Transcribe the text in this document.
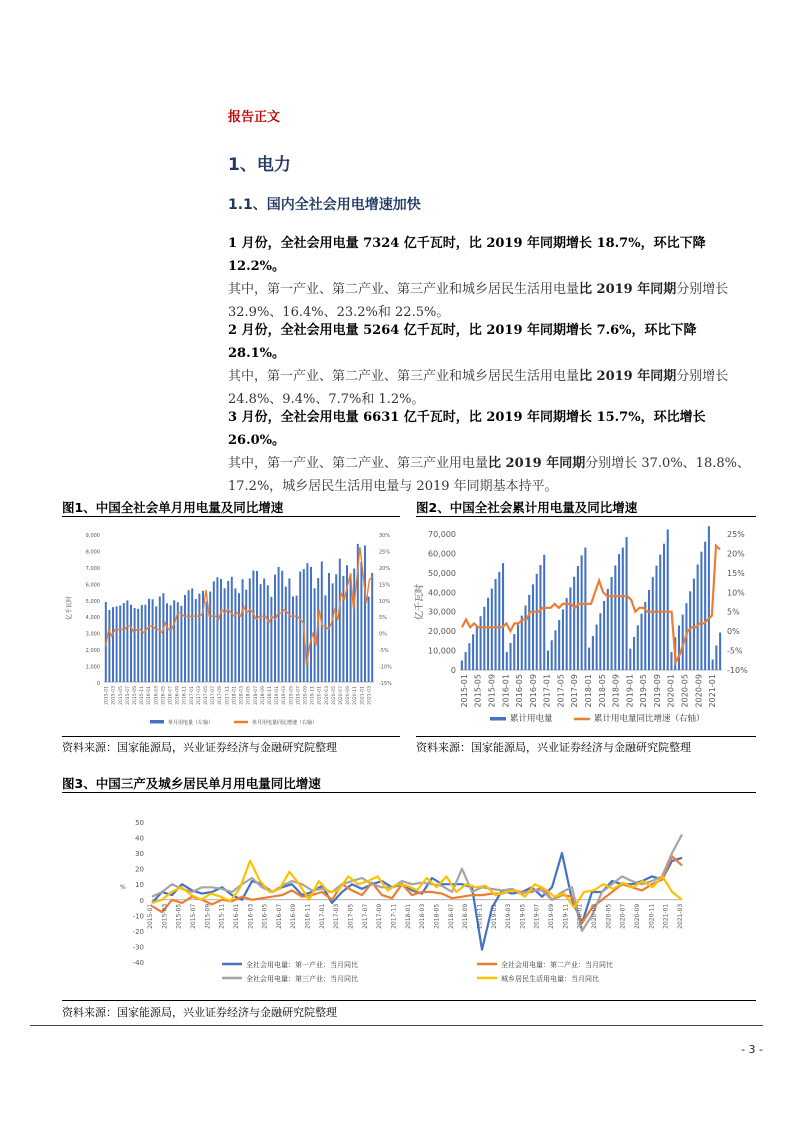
报告正文
1、电力
1.1、国内全社会用电增速加快
1 月份，全社会用电量 7324 亿千瓦时，比 2019 年同期增长 18.7%，环比下降 12.2%。
其中，第一产业、第二产业、第三产业和城乡居民生活用电量比 2019 年同期分别增长 32.9%、16.4%、23.2%和 22.5%。
2 月份，全社会用电量 5264 亿千瓦时，比 2019 年同期增长 7.6%，环比下降 28.1%。
其中，第一产业、第二产业、第三产业和城乡居民生活用电量比 2019 年同期分别增长 24.8%、9.4%、7.7%和 1.2%。
3 月份，全社会用电量 6631 亿千瓦时，比 2019 年同期增长 15.7%，环比增长 26.0%。
其中，第一产业、第二产业、第三产业用电量比 2019 年同期分别增长 37.0%、18.8%、17.2%，城乡居民生活用电量与 2019 年同期基本持平。
图1、中国全社会单月用电量及同比增速	图2、中国全社会累计用电量及同比增速
9,000
8,000
7,000
6,000
5,000
4,000
3,000
2,000
1,000
0
30%
25%
20%
15%
10%
5%
0%
-5%
-10%
-15%
亿千瓦时
2015-01 2015-03 2015-05 2015-07 2015-09 2015-11 2016-01 2016-03 2016-05 2016-07 2016-09 2016-11 2017-01 2017-03 2017-05 2017-07 2017-09 2017-11 2018-01 2018-03 2018-05 2018-07 2018-09 2018-11 2019-01 2019-03 2019-05 2019-07 2019-09 2019-11 2020-01 2020-03 2020-05 2020-07 2020-09 2020-11 2021-01 2021-03
单月用电量（左轴）	单月用电量同比增速（右轴）
70,000
60,000
50,000
40,000
30,000
20,000
10,000
0
25%
20%
15%
10%
5%
0%
-5%
-10%
亿千瓦时
2015-01 2015-05 2015-09 2016-01 2016-05 2016-09 2017-01 2017-05 2017-09 2018-01 2018-05 2018-09 2019-01 2019-05 2019-09 2020-01 2020-05 2020-09 2021-01
累计用电量	累计用电量同比增速（右轴）
资料来源：国家能源局，兴业证券经济与金融研究院整理	资料来源：国家能源局，兴业证券经济与金融研究院整理
图3、中国三产及城乡居民单月用电量同比增速
50
40
30
20
10
0
-10
-20
-30
-40
%
2015-01 2015-03 2015-05 2015-07 2015-09 2015-11 2016-01 2016-03 2016-05 2016-07 2016-09 2016-11 2017-01 2017-03 2017-05 2017-07 2017-09 2017-11 2018-01 2018-03 2018-05 2018-07 2018-09 2018-11 2019-01 2019-03 2019-05 2019-07 2019-09 2019-11 2020-01 2020-03 2020-05 2020-07 2020-09 2020-11 2021-01 2021-03
全社会用电量：第一产业：当月同比	全社会用电量：第二产业：当月同比
全社会用电量：第三产业：当月同比	城乡居民生活用电量：当月同比
资料来源：国家能源局，兴业证券经济与金融研究院整理
- 3 -
